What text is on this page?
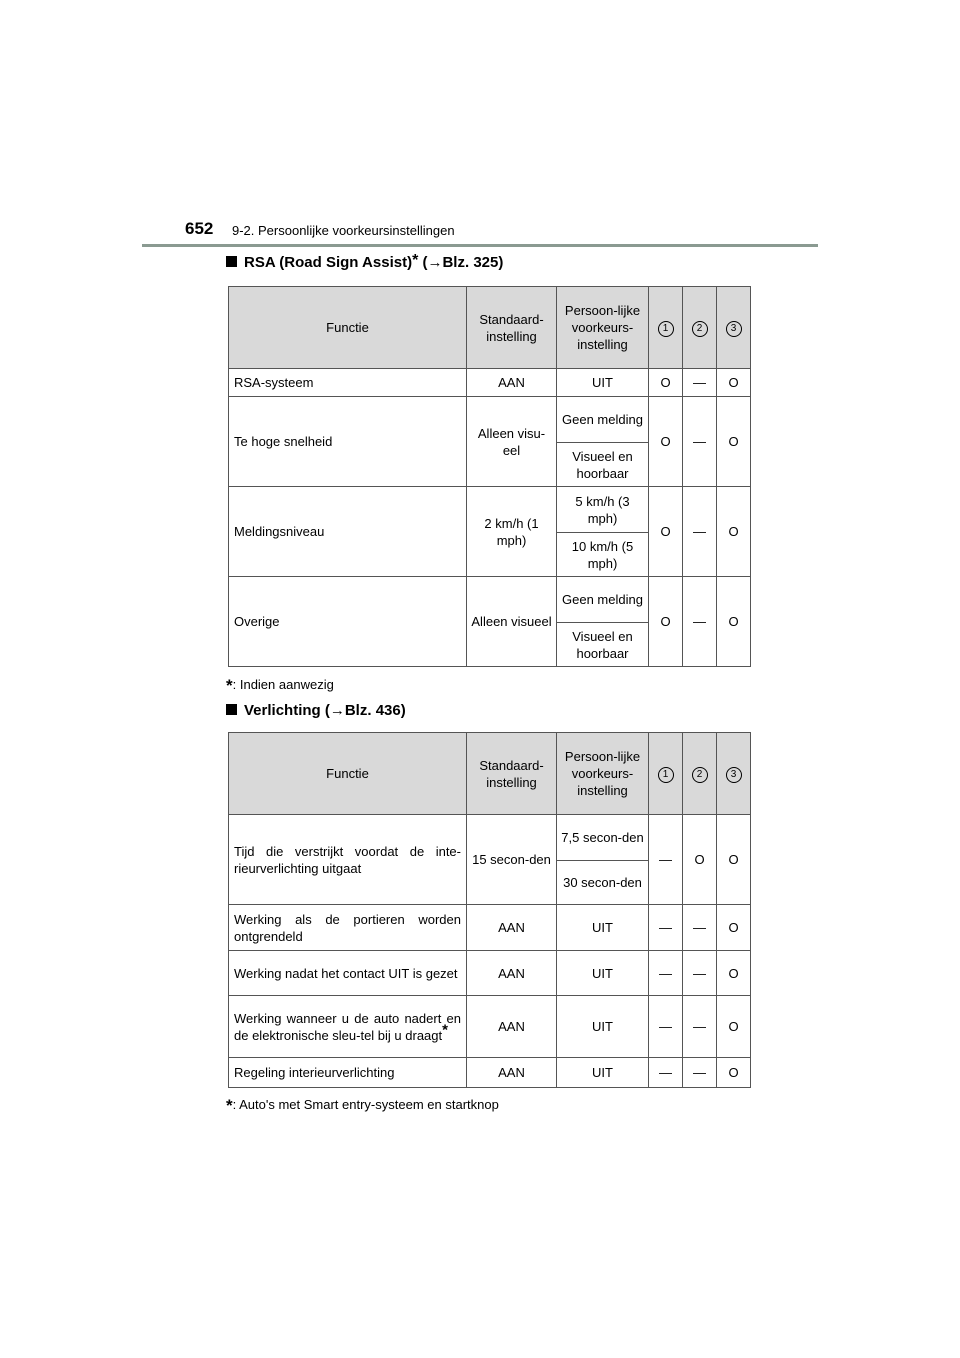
652 9-2. Persoonlijke voorkeursinstellingen
RSA (Road Sign Assist)*
(→Blz. 325)
Functie	Standaard-instelling	Persoon-lijke voorkeurs-instelling	1	2	3
RSA-systeem	AAN	UIT	O	—	O
Te hoge snelheid	Alleen visu-eel	Geen melding	O	—	O
		Visueel en hoorbaar			
Meldingsniveau	2 km/h (1 mph)	5 km/h (3 mph)	O	—	O
		10 km/h (5 mph)			
Overige	Alleen visueel	Geen melding	O	—	O
		Visueel en hoorbaar			
*: Indien aanwezig
Verlichting
(→Blz. 436)
Functie	Standaard-instelling	Persoon-lijke voorkeurs-instelling	1	2	3
Tijd die verstrijkt voordat de inte-rieurverlichting uitgaat	15 secon-den	7,5 secon-den	—	O	O
		30 secon-den			
Werking als de portieren worden ontgrendeld	AAN	UIT	—	—	O
Werking nadat het contact UIT is gezet	AAN	UIT	—	—	O
Werking wanneer u de auto nadert en de elektronische sleu-tel bij u draagt*	AAN	UIT	—	—	O
Regeling interieurverlichting	AAN	UIT	—	—	O
*: Auto's met Smart entry-systeem en startknop
